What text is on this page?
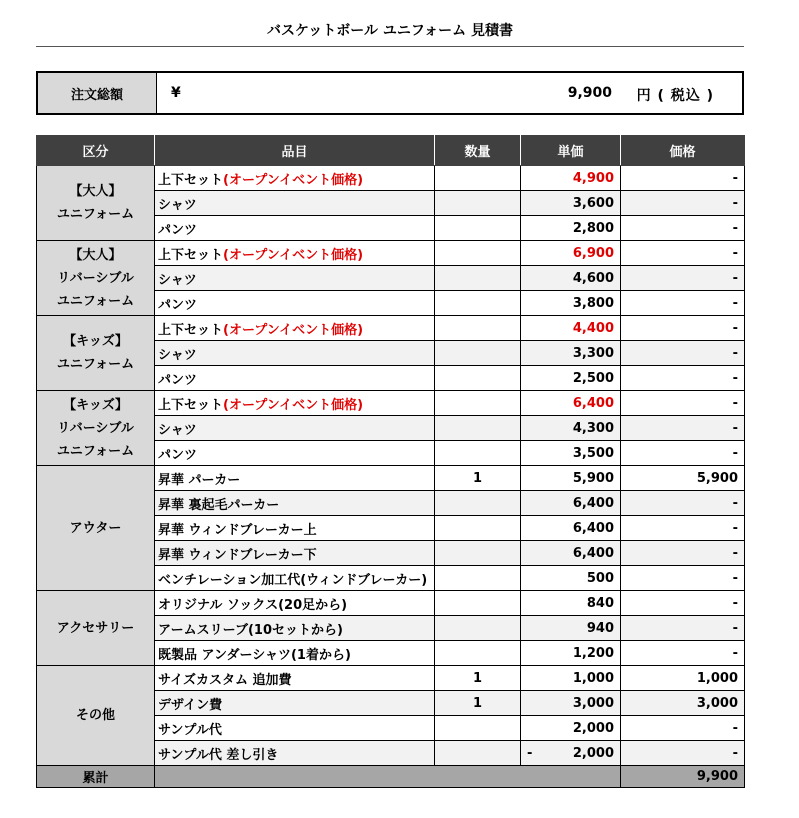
バスケットボール ユニフォーム 見積書
注文総額	¥	9,900 円 ( 税込 )
区分	品目	数量	単価	価格
【大人】
ユニフォーム	上下セット(オープンイベント価格)		4,900	-
	シャツ		3,600	-
	パンツ		2,800	-
【大人】
リバーシブル
ユニフォーム	上下セット(オープンイベント価格)		6,900	-
	シャツ		4,600	-
	パンツ		3,800	-
【キッズ】
ユニフォーム	上下セット(オープンイベント価格)		4,400	-
	シャツ		3,300	-
	パンツ		2,500	-
【キッズ】
リバーシブル
ユニフォーム	上下セット(オープンイベント価格)		6,400	-
	シャツ		4,300	-
	パンツ		3,500	-
アウター	昇華 パーカー	1	5,900	5,900
	昇華 裏起毛パーカー		6,400	-
	昇華 ウィンドブレーカー上		6,400	-
	昇華 ウィンドブレーカー下		6,400	-
	ベンチレーション加工代(ウィンドブレーカー)		500	-
アクセサリー	オリジナル ソックス(20足から)		840	-
	アームスリーブ(10セットから)		940	-
	既製品 アンダーシャツ(1着から)		1,200	-
その他	サイズカスタム 追加費	1	1,000	1,000
	デザイン費	1	3,000	3,000
	サンプル代		2,000	-
	サンプル代 差し引き		- 2,000	-
累計				9,900
